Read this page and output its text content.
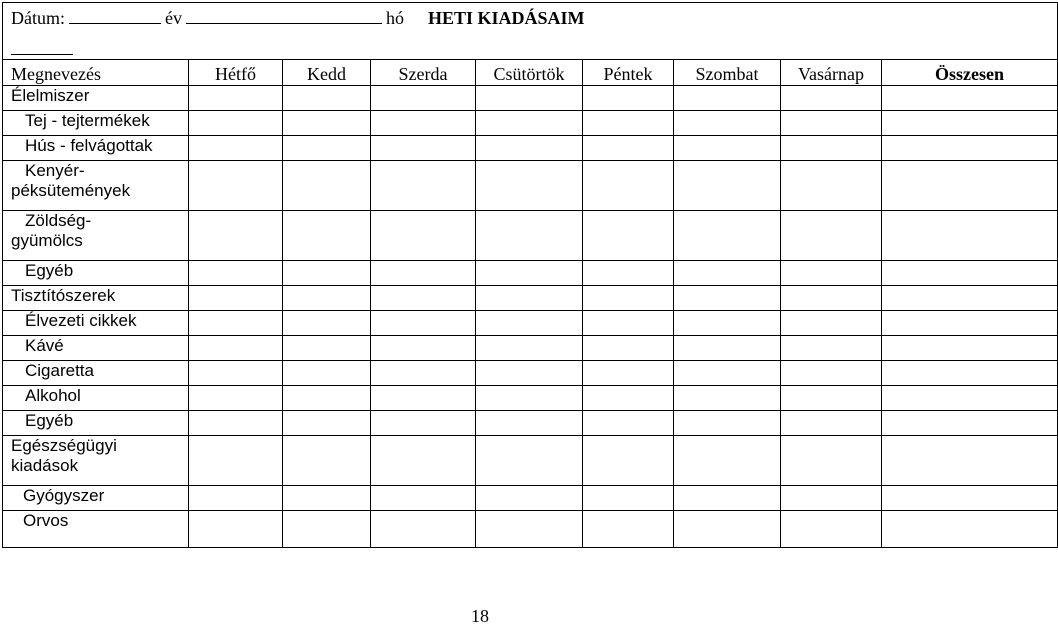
Dátum: év hó HETI KIADÁSAIM								

Megnevezés	Hétfő	Kedd	Szerda	Csütörtök	Péntek	Szombat	Vasárnap	Összesen
Élelmiszer								
Tej - tejtermékek								
Hús - felvágottak								

Kenyér-
péksütemények								

Zöldség-
gyümölcs								

Egyéb								
Tisztítószerek								
Élvezeti cikkek								
Kávé								
Cigaretta								
Alkohol								
Egyéb								

Egészségügyi
kiadások								

Gyógyszer								
Orvos								
18
